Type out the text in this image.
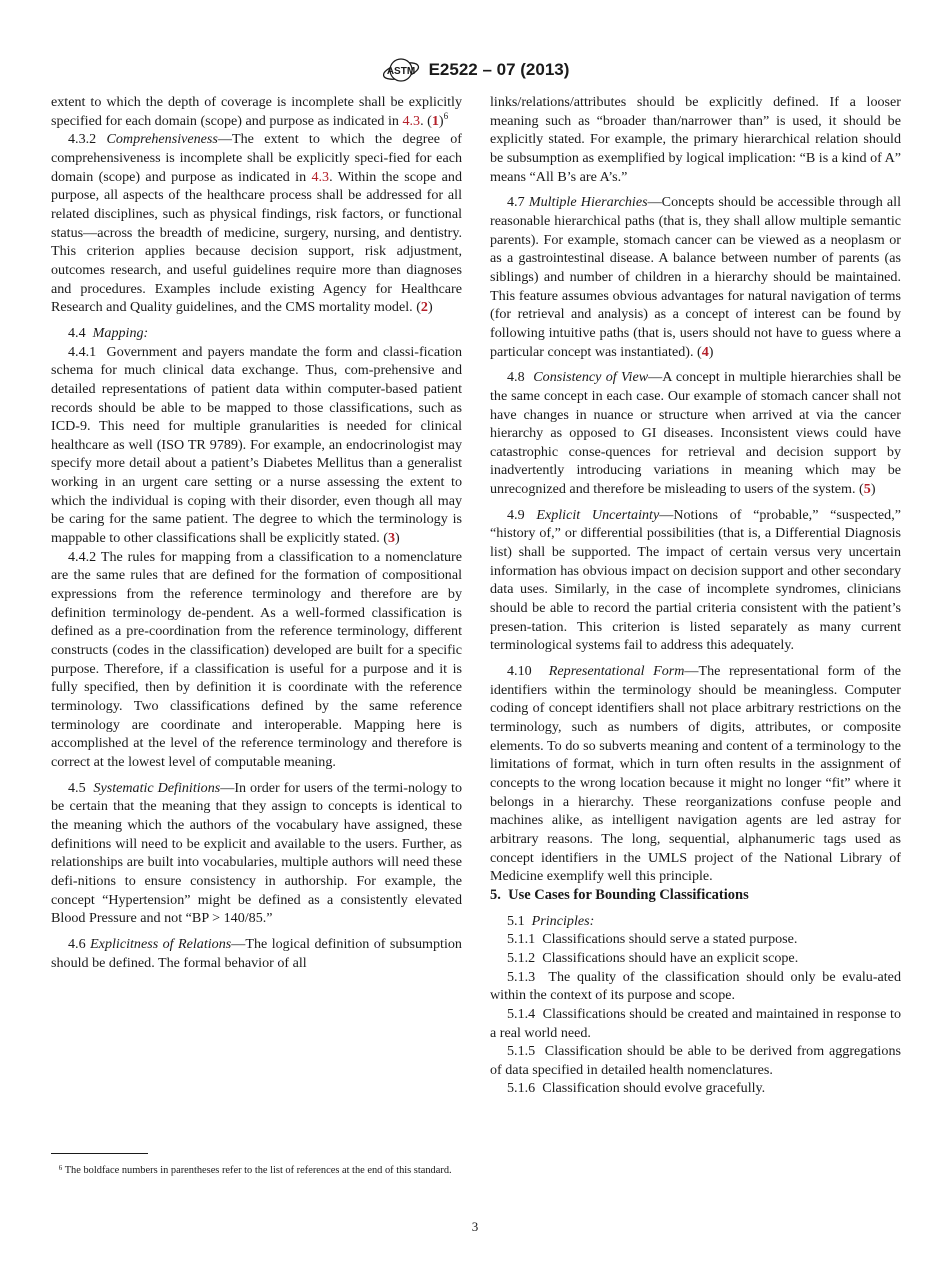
ASTM E2522 – 07 (2013)

extent to which the depth of coverage is incomplete shall be explicitly specified for each domain (scope) and purpose as indicated in 4.3. $(1)^6$

4.3.2 Comprehensiveness—The extent to which the degree of comprehensiveness is incomplete shall be explicitly speci-fied for each domain (scope) and purpose as indicated in 4.3. Within the scope and purpose, all aspects of the healthcare process shall be addressed for all related disciplines, such as physical findings, risk factors, or functional status—across the breadth of medicine, surgery, nursing, and dentistry. This criterion applies because decision support, risk adjustment, outcomes research, and useful guidelines require more than diagnoses and procedures. Examples include existing Agency for Healthcare Research and Quality guidelines, and the CMS mortality model. (2)

4.4 Mapping:

4.4.1 Government and payers mandate the form and classi-fication schema for much clinical data exchange. Thus, com-prehensive and detailed representations of patient data within computer-based patient records should be able to be mapped to those classifications, such as ICD-9. This need for multiple granularities is needed for clinical healthcare as well (ISO TR 9789). For example, an endocrinologist may specify more detail about a patient’s Diabetes Mellitus than a generalist working in an urgent care setting or a nurse assessing the extent to which the individual is coping with their disorder, even though all may be caring for the same patient. The degree to which the terminology is mappable to other classifications shall be explicitly stated. (3)

4.4.2 The rules for mapping from a classification to a nomenclature are the same rules that are defined for the formation of compositional expressions from the reference terminology and therefore are by definition terminology de-pendent. As a well-formed classification is defined as a pre-coordination from the reference terminology, different constructs (codes in the classification) developed are built for a specific purpose. Therefore, if a classification is useful for a purpose and it is fully specified, then by definition it is coordinate with the reference terminology. Two classifications defined by the same reference terminology are coordinate and interoperable. Mapping here is accomplished at the level of the reference terminology and therefore is correct at the lowest level of computable meaning.

4.5 Systematic Definitions—In order for users of the termi-nology to be certain that the meaning that they assign to concepts is identical to the meaning which the authors of the vocabulary have assigned, these definitions will need to be explicit and available to the users. Further, as relationships are built into vocabularies, multiple authors will need these defi-nitions to ensure consistency in authorship. For example, the concept “Hypertension” might be defined as a consistently elevated Blood Pressure and not “BP > 140/85.”

4.6 Explicitness of Relations—The logical definition of subsumption should be defined. The formal behavior of all

links/relations/attributes should be explicitly defined. If a looser meaning such as “broader than/narrower than” is used, it should be explicitly stated. For example, the primary hierarchical relation should be subsumption as exemplified by logical implication: “B is a kind of A” means “All B’s are A’s.”

4.7 Multiple Hierarchies—Concepts should be accessible through all reasonable hierarchical paths (that is, they shall allow multiple semantic parents). For example, stomach cancer can be viewed as a neoplasm or as a gastrointestinal disease. A balance between number of parents (as siblings) and number of children in a hierarchy should be maintained. This feature assumes obvious advantages for natural navigation of terms (for retrieval and analysis) as a concept of interest can be found by following intuitive paths (that is, users should not have to guess where a particular concept was instantiated). (4)

4.8 Consistency of View—A concept in multiple hierarchies shall be the same concept in each case. Our example of stomach cancer shall not have changes in nuance or structure when arrived at via the cancer hierarchy as opposed to GI diseases. Inconsistent views could have catastrophic conse-quences for retrieval and decision support by inadvertently introducing variations in meaning which may be unrecognized and therefore be misleading to users of the system. (5)

4.9 Explicit Uncertainty—Notions of “probable,” “suspected,” “history of,” or differential possibilities (that is, a Differential Diagnosis list) shall be supported. The impact of certain versus very uncertain information has obvious impact on decision support and other secondary data uses. Similarly, in the case of incomplete syndromes, clinicians should be able to record the partial criteria consistent with the patient’s presen-tation. This criterion is listed separately as many current terminological systems fail to address this adequately.

4.10 Representational Form—The representational form of the identifiers within the terminology should be meaningless. Computer coding of concept identifiers shall not place arbitrary restrictions on the terminology, such as numbers of digits, attributes, or composite elements. To do so subverts meaning and content of a terminology to the limitations of format, which in turn often results in the assignment of concepts to the wrong location because it might no longer “fit” where it belongs in a hierarchy. These reorganizations confuse people and machines alike, as intelligent navigation agents are led astray for arbitrary reasons. The long, sequential, alphanumeric tags used as concept identifiers in the UMLS project of the National Library of Medicine exemplify well this principle.

5.  Use Cases for Bounding Classifications

5.1 Principles:

5.1.1 Classifications should serve a stated purpose.

5.1.2 Classifications should have an explicit scope.

5.1.3 The quality of the classification should only be evalu-ated within the context of its purpose and scope.

5.1.4 Classifications should be created and maintained in response to a real world need.

5.1.5 Classification should be able to be derived from aggregations of data specified in detailed health nomenclatures.

5.1.6 Classification should evolve gracefully.

$^6$ The boldface numbers in parentheses refer to the list of references at the end of this standard.
3
